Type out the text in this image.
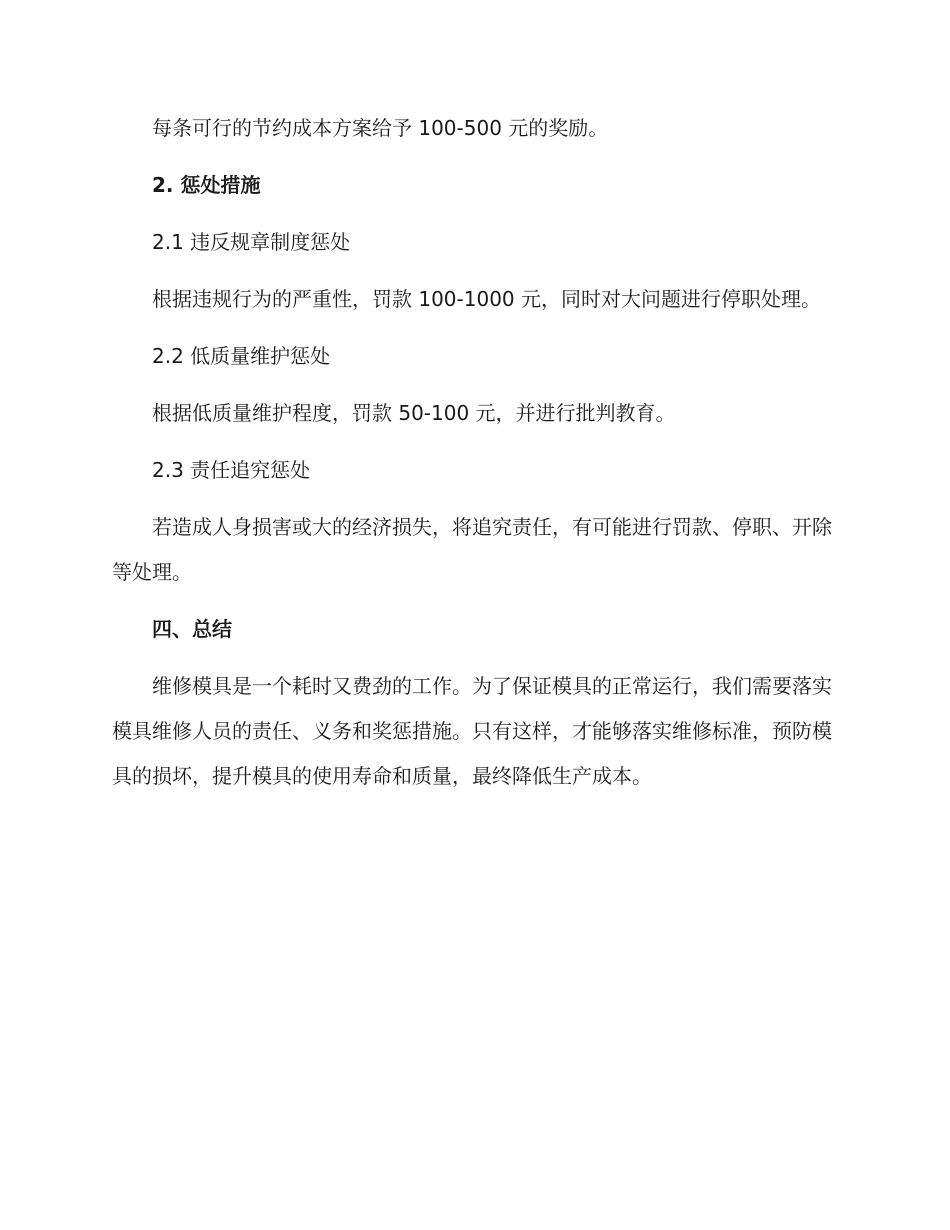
每条可行的节约成本方案给予 100-500 元的奖励。

2. 惩处措施

2.1 违反规章制度惩处

根据违规行为的严重性，罚款 100-1000 元，同时对大问题进行停职处理。

2.2 低质量维护惩处

根据低质量维护程度，罚款 50-100 元，并进行批判教育。

2.3 责任追究惩处

若造成人身损害或大的经济损失，将追究责任，有可能进行罚款、停职、开除等处理。

四、总结

维修模具是一个耗时又费劲的工作。为了保证模具的正常运行，我们需要落实模具维修人员的责任、义务和奖惩措施。只有这样，才能够落实维修标准，预防模具的损坏，提升模具的使用寿命和质量，最终降低生产成本。
